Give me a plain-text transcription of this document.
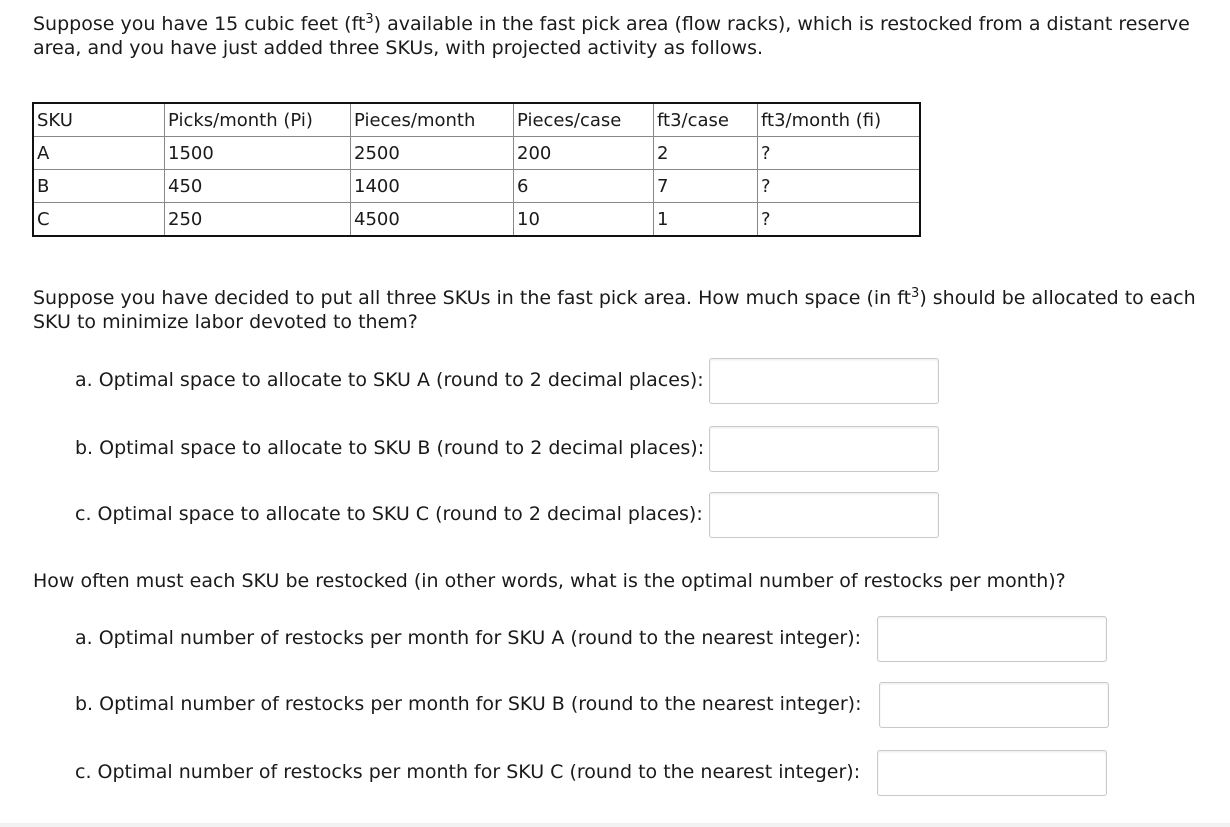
Suppose you have 15 cubic feet $(ft^3)$ available in the fast pick area (flow racks), which is restocked from a distant reserve area, and you have just added three SKUs, with projected activity as follows.

SKU	Picks/month (Pi)	Pieces/month	Pieces/case	ft3/case	ft3/month (fi)
A	1500	2500	200	2	?
B	450	1400	6	7	?
C	250	4500	10	1	?

Suppose you have decided to put all three SKUs in the fast pick area. How much space (in $ft^3$) should be allocated to each SKU to minimize labor devoted to them?

a. Optimal space to allocate to SKU A (round to 2 decimal places):

b. Optimal space to allocate to SKU B (round to 2 decimal places):

c. Optimal space to allocate to SKU C (round to 2 decimal places):

How often must each SKU be restocked (in other words, what is the optimal number of restocks per month)?

a. Optimal number of restocks per month for SKU A (round to the nearest integer):

b. Optimal number of restocks per month for SKU B (round to the nearest integer):

c. Optimal number of restocks per month for SKU C (round to the nearest integer):
